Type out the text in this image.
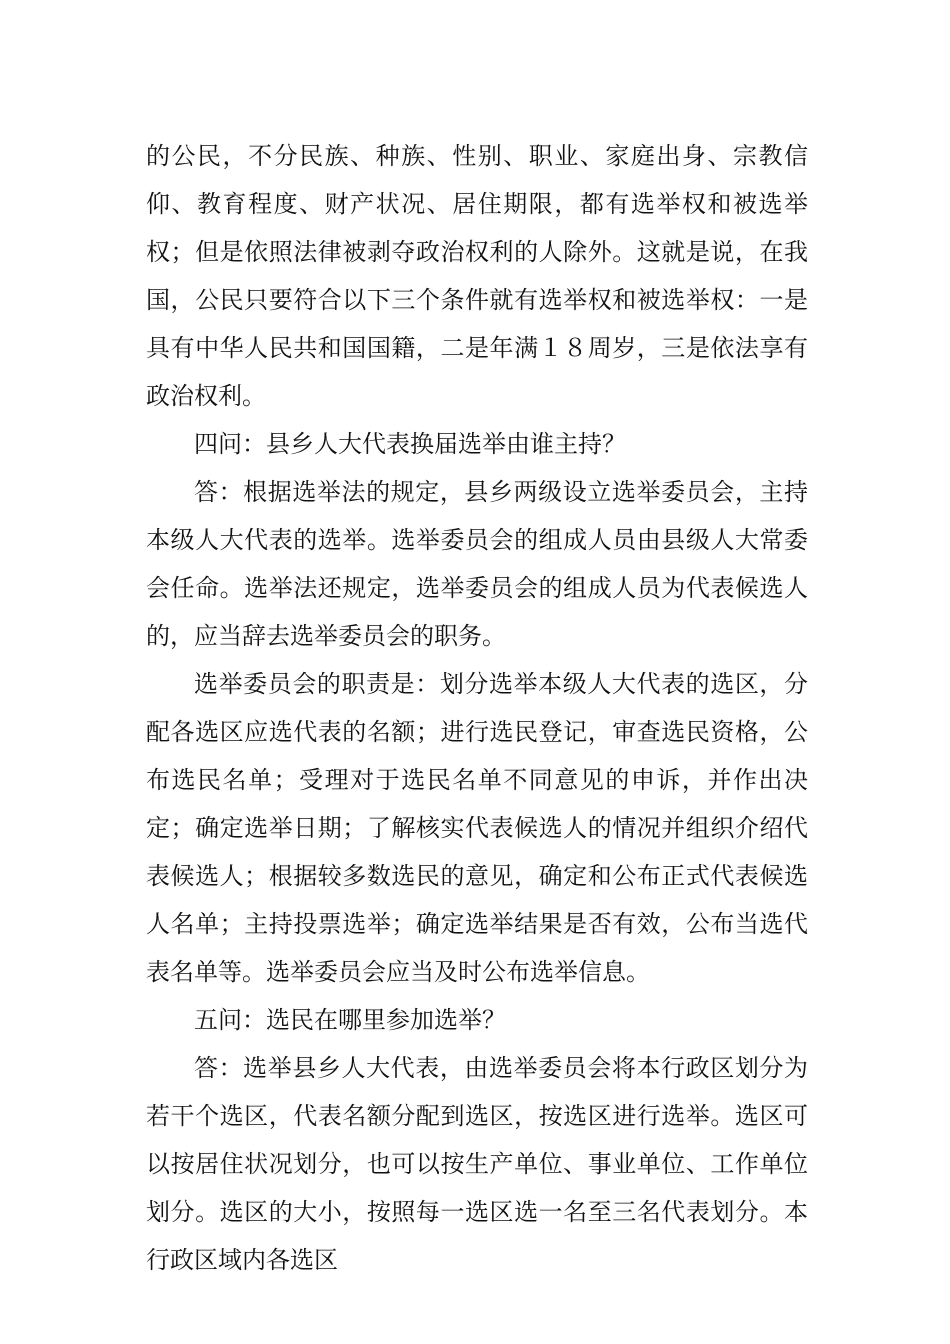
的公民，不分民族、种族、性别、职业、家庭出身、宗教信仰、教育程度、财产状况、居住期限，都有选举权和被选举权；但是依照法律被剥夺政治权利的人除外。这就是说，在我国，公民只要符合以下三个条件就有选举权和被选举权：一是具有中华人民共和国国籍，二是年满１８周岁，三是依法享有政治权利。

四问：县乡人大代表换届选举由谁主持？

答：根据选举法的规定，县乡两级设立选举委员会，主持本级人大代表的选举。选举委员会的组成人员由县级人大常委会任命。选举法还规定，选举委员会的组成人员为代表候选人的，应当辞去选举委员会的职务。

选举委员会的职责是：划分选举本级人大代表的选区，分配各选区应选代表的名额；进行选民登记，审查选民资格，公布选民名单；受理对于选民名单不同意见的申诉，并作出决定；确定选举日期；了解核实代表候选人的情况并组织介绍代表候选人；根据较多数选民的意见，确定和公布正式代表候选人名单；主持投票选举；确定选举结果是否有效，公布当选代表名单等。选举委员会应当及时公布选举信息。

五问：选民在哪里参加选举？

答：选举县乡人大代表，由选举委员会将本行政区划分为若干个选区，代表名额分配到选区，按选区进行选举。选区可以按居住状况划分，也可以按生产单位、事业单位、工作单位划分。选区的大小，按照每一选区选一名至三名代表划分。本行政区域内各选区
